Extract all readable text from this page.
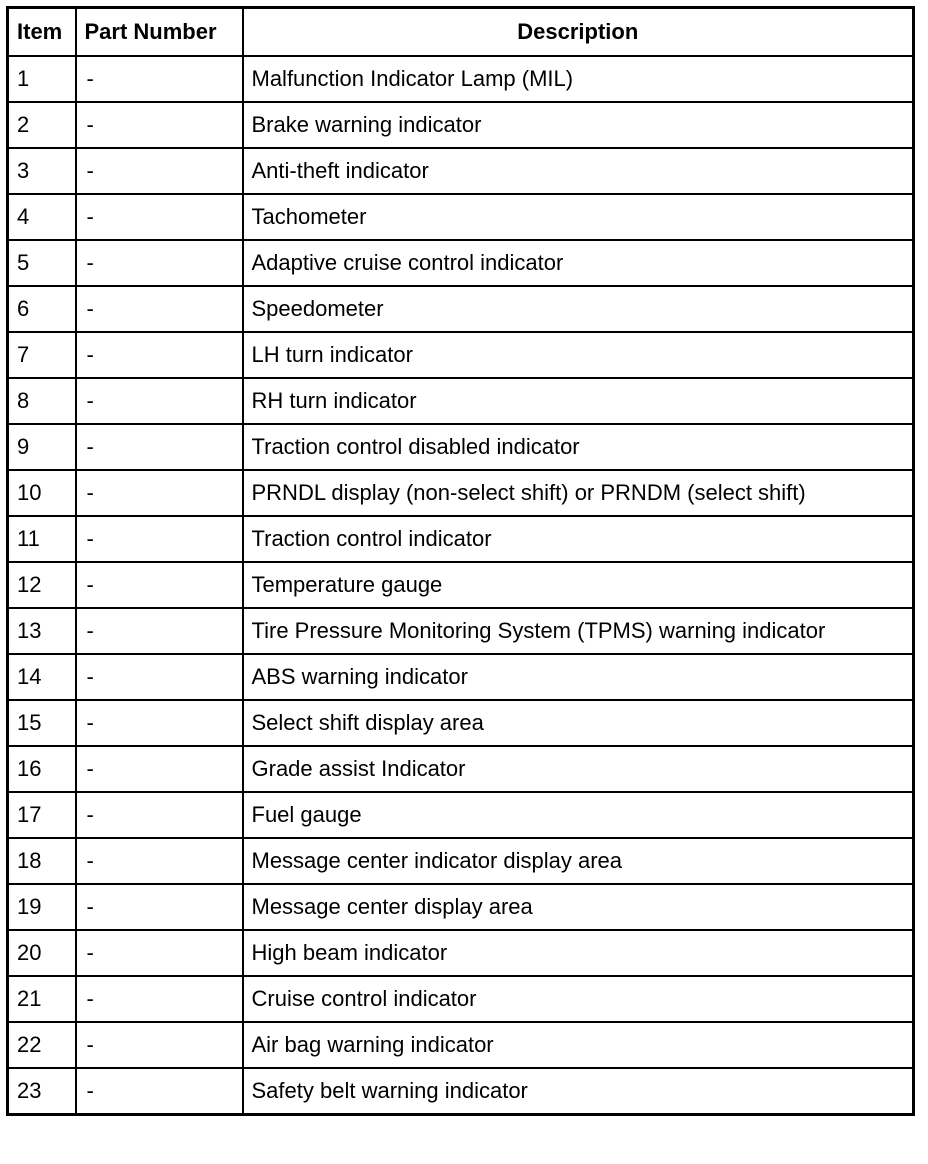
Item	Part Number	Description
1	-	Malfunction Indicator Lamp (MIL)
2	-	Brake warning indicator
3	-	Anti-theft indicator
4	-	Tachometer
5	-	Adaptive cruise control indicator
6	-	Speedometer
7	-	LH turn indicator
8	-	RH turn indicator
9	-	Traction control disabled indicator
10	-	PRNDL display (non-select shift) or PRNDM (select shift)
11	-	Traction control indicator
12	-	Temperature gauge
13	-	Tire Pressure Monitoring System (TPMS) warning indicator
14	-	ABS warning indicator
15	-	Select shift display area
16	-	Grade assist Indicator
17	-	Fuel gauge
18	-	Message center indicator display area
19	-	Message center display area
20	-	High beam indicator
21	-	Cruise control indicator
22	-	Air bag warning indicator
23	-	Safety belt warning indicator
